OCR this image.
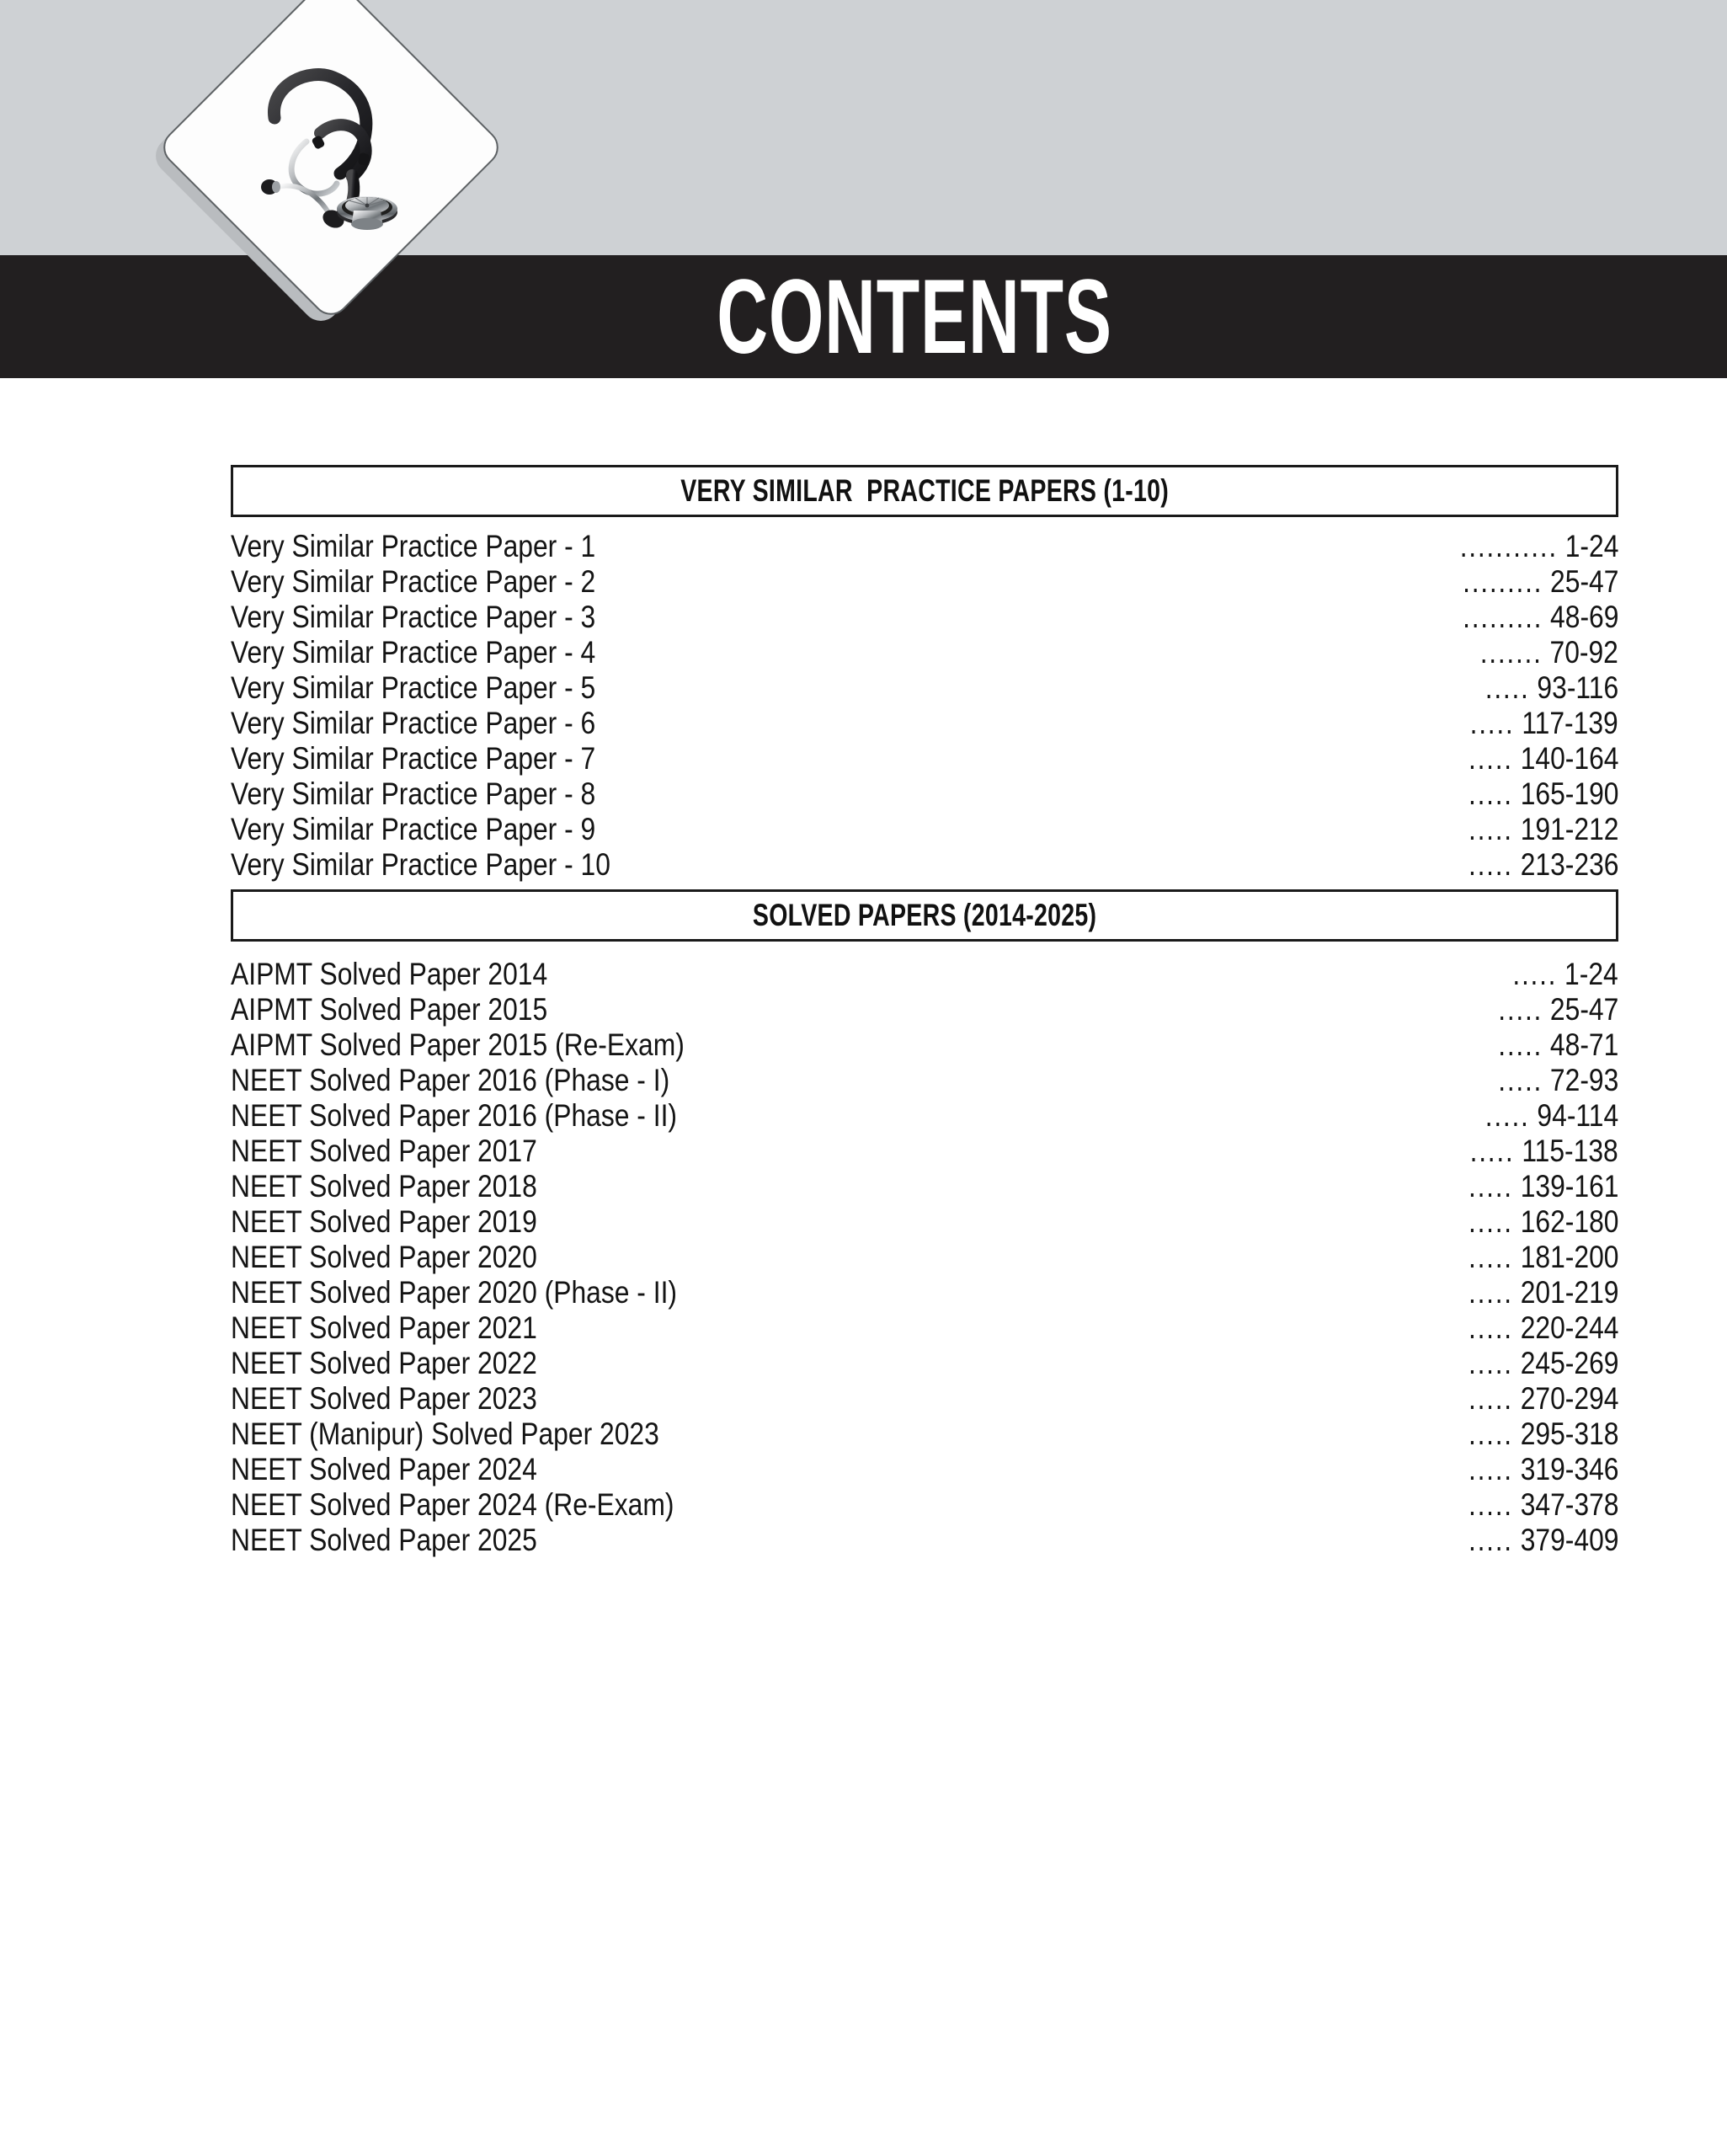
CONTENTS
VERY SIMILAR  PRACTICE PAPERS (1-10)
Very Similar Practice Paper - 1	........... 1-24
Very Similar Practice Paper - 2	......... 25-47
Very Similar Practice Paper - 3	......... 48-69
Very Similar Practice Paper - 4	....... 70-92
Very Similar Practice Paper - 5	..... 93-116
Very Similar Practice Paper - 6	..... 117-139
Very Similar Practice Paper - 7	..... 140-164
Very Similar Practice Paper - 8	..... 165-190
Very Similar Practice Paper - 9	..... 191-212
Very Similar Practice Paper - 10	..... 213-236
SOLVED PAPERS (2014-2025)
AIPMT Solved Paper 2014	..... 1-24
AIPMT Solved Paper 2015	..... 25-47
AIPMT Solved Paper 2015 (Re-Exam)	..... 48-71
NEET Solved Paper 2016 (Phase - I)	..... 72-93
NEET Solved Paper 2016 (Phase - II)	..... 94-114
NEET Solved Paper 2017	..... 115-138
NEET Solved Paper 2018	..... 139-161
NEET Solved Paper 2019	..... 162-180
NEET Solved Paper 2020	..... 181-200
NEET Solved Paper 2020 (Phase - II)	..... 201-219
NEET Solved Paper 2021	..... 220-244
NEET Solved Paper 2022	..... 245-269
NEET Solved Paper 2023	..... 270-294
NEET (Manipur) Solved Paper 2023	..... 295-318
NEET Solved Paper 2024	..... 319-346
NEET Solved Paper 2024 (Re-Exam)	..... 347-378
NEET Solved Paper 2025	..... 379-409
